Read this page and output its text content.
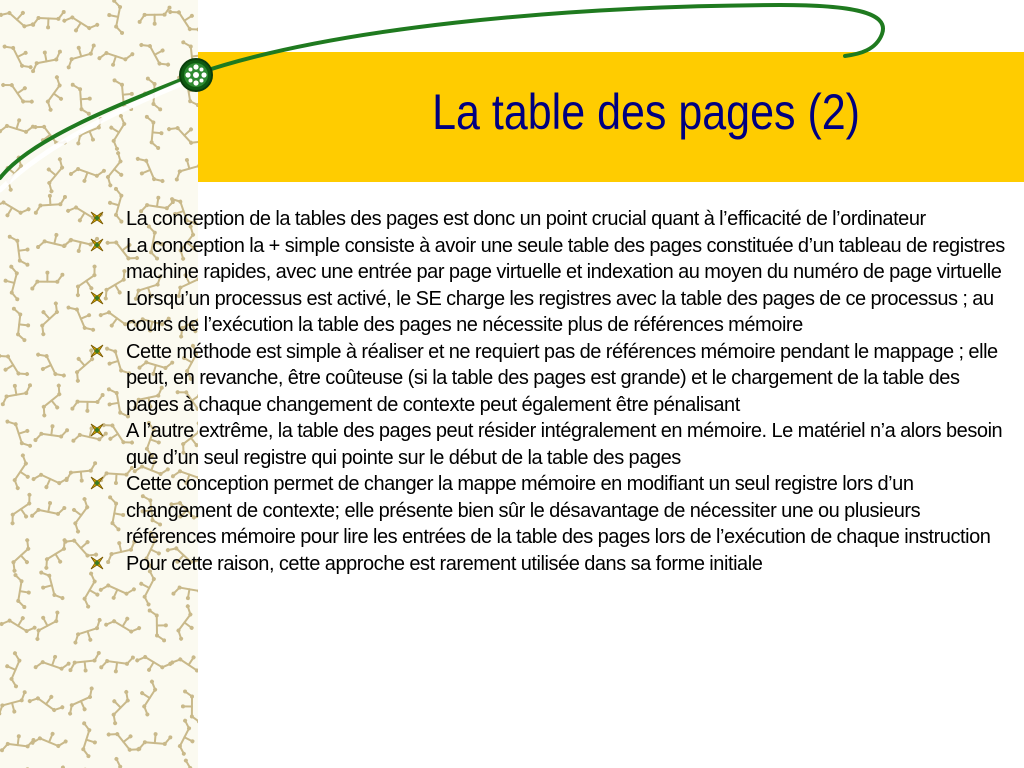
La table des pages (2)
La conception de la tables des pages est donc un point crucial quant à l’efficacité de l’ordinateur
La conception la + simple consiste à avoir une seule table des pages constituée d’un tableau de registres machine rapides, avec une entrée par page virtuelle et indexation au moyen du numéro de page virtuelle
Lorsqu’un processus est activé, le SE charge les registres avec la table des pages de ce processus ; au cours de l’exécution la table des pages ne nécessite plus de références mémoire
Cette méthode est simple à réaliser et ne requiert pas de références mémoire pendant le mappage ; elle peut, en revanche, être coûteuse (si la table des pages est grande) et le chargement de la table des pages à chaque changement de contexte peut également être pénalisant
A l’autre extrême, la table des pages peut résider intégralement en mémoire. Le matériel n’a alors besoin que d’un seul registre qui pointe sur le début de la table des pages
Cette conception permet de changer la mappe mémoire en modifiant un seul registre lors d’un changement de contexte; elle présente bien sûr le désavantage de nécessiter une ou plusieurs références mémoire pour lire les entrées de la table des pages lors de l’exécution de chaque instruction
Pour cette raison, cette approche est rarement utilisée dans sa forme initiale
